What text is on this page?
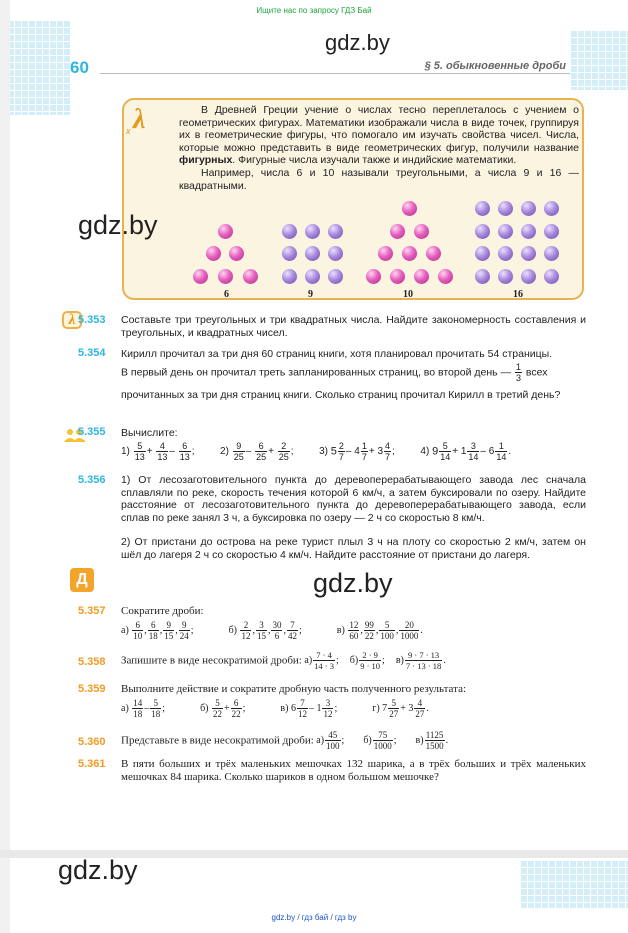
Ищите нас по запросу ГДЗ Бай
gdz.by
60	§ 5. обыкновенные дроби

В Древней Греции учение о числах тесно переплеталось с учением о геометрических фигурах. Математики изображали числа в виде точек, группируя их в геометрические фигуры, что помогало им изучать свойства чисел. Числа, которые можно представить в виде геометрических фигур, получили название фигурных. Фигурные числа изучали также и индийские математики.

Например, числа 6 и 10 называли треугольными, а числа 9 и 16 — квадратными.

λ
x
gdz.by
6	9	10	16
λ 5.353 Составьте три треугольных и три квадратных числа. Найдите закономерность составления и треугольных, и квадратных чисел.
5.354 Кирилл прочитал за три дня 60 страниц книги, хотя планировал прочитать 54 страницы.
В первый день он прочитал треть запланированных страниц, во второй день — $\frac{1}{3}$ всех
прочитанных за три дня страниц книги. Сколько страниц прочитал Кирилл в третий день?
5.355 Вычислите:
$1) \frac{5}{13} + \frac{4}{13} - \frac{6}{13}$ ;	$2) \frac{9}{25} - \frac{6}{25} + \frac{2}{25}$ ;	3) $5 \frac{2}{7} - 4 \frac{1}{7} + 3 \frac{4}{7}$ ;	4) $9 \frac{5}{14} + 1 \frac{3}{14} - 6 \frac{1}{14}$ .
5.356 1) От лесозаготовительного пункта до деревоперерабатывающего завода лес сначала сплавляли по реке, скорость течения которой 6 км/ч, а затем буксировали по озеру. Найдите расстояние от лесозаготовительного пункта до деревоперерабатывающего завода, если сплав по реке занял 3 ч, а буксировка по озеру — 2 ч со скоростью 8 км/ч.
2) От пристани до острова на реке турист плыл 3 ч на плоту со скоростью 2 км/ч, затем он шёл до лагеря 2 ч со скоростью 4 км/ч. Найдите расстояние от пристани до лагеря.
Д	gdz.by
5.357 Сократите дроби:
$а) \frac{6}{10}$ , $\frac{6}{18}$ , $\frac{9}{15}$ , $\frac{9}{24}$ ;	$б) \frac{2}{12}$ , $\frac{3}{15}$ , $\frac{30}{6}$ , $\frac{7}{42}$ ;	$в) \frac{12}{60}$ , $\frac{99}{22}$ , $\frac{5}{100}$ , $\frac{20}{1000}$ .
5.358 Запишите в виде несократимой дроби: $а) \frac{7 \cdot 4}{14 \cdot 3}$ ;  $б) \frac{2 \cdot 9}{9 \cdot 10}$ ;  $в) \frac{9 \cdot 7 \cdot 13}{7 \cdot 13 \cdot 18}$ .
5.359 Выполните действие и сократите дробную часть полученного результата:
$а) \frac{14}{18} - \frac{5}{18}$ ;	$б) \frac{5}{22} + \frac{6}{22}$ ;	в) $6 \frac{7}{12} - 1 \frac{3}{12}$ ;	г) $7 \frac{5}{27} + 3 \frac{4}{27}$ .
5.360 Представьте в виде несократимой дроби: $а) \frac{45}{100}$ ;  $б) \frac{75}{1000}$ ;  $в) \frac{1125}{1500}$ .
5.361 В пяти больших и трёх маленьких мешочках 132 шарика, а в трёх больших и трёх маленьких мешочках 84 шарика. Сколько шариков в одном большом мешочке?
gdz.by
gdz.by / гдз бай / гдз by
